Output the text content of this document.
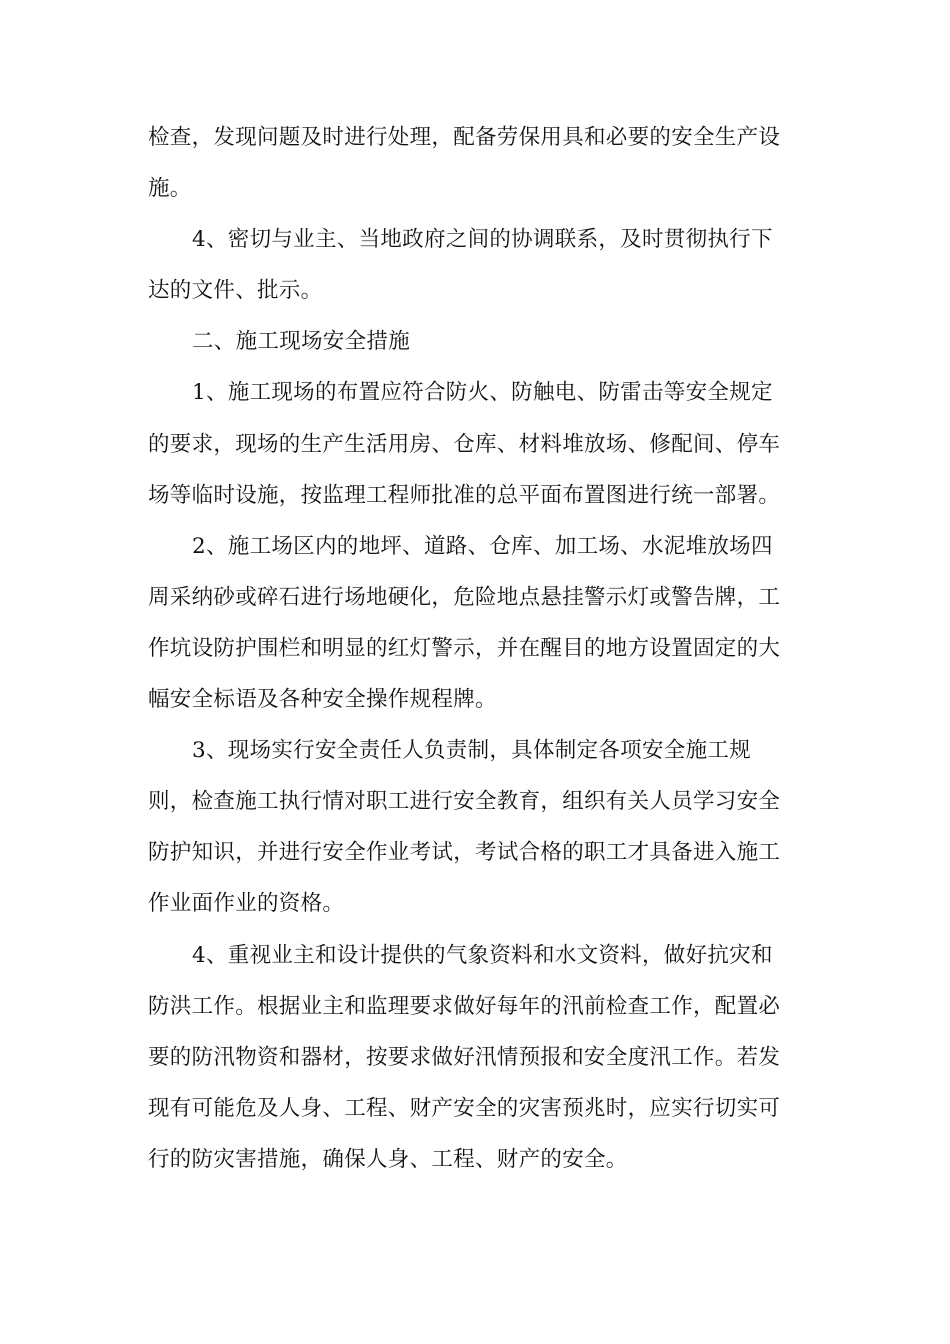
检查，发现问题及时进行处理，配备劳保用具和必要的安全生产设
施。
4、密切与业主、当地政府之间的协调联系，及时贯彻执行下
达的文件、批示。
二、施工现场安全措施
1、施工现场的布置应符合防火、防触电、防雷击等安全规定
的要求，现场的生产生活用房、仓库、材料堆放场、修配间、停车
场等临时设施，按监理工程师批准的总平面布置图进行统一部署。
2、施工场区内的地坪、道路、仓库、加工场、水泥堆放场四
周采纳砂或碎石进行场地硬化，危险地点悬挂警示灯或警告牌，工
作坑设防护围栏和明显的红灯警示，并在醒目的地方设置固定的大
幅安全标语及各种安全操作规程牌。
3、现场实行安全责任人负责制，具体制定各项安全施工规
则，检查施工执行情对职工进行安全教育，组织有关人员学习安全
防护知识，并进行安全作业考试，考试合格的职工才具备进入施工
作业面作业的资格。
4、重视业主和设计提供的气象资料和水文资料，做好抗灾和
防洪工作。根据业主和监理要求做好每年的汛前检查工作，配置必
要的防汛物资和器材，按要求做好汛情预报和安全度汛工作。若发
现有可能危及人身、工程、财产安全的灾害预兆时，应实行切实可
行的防灾害措施，确保人身、工程、财产的安全。
